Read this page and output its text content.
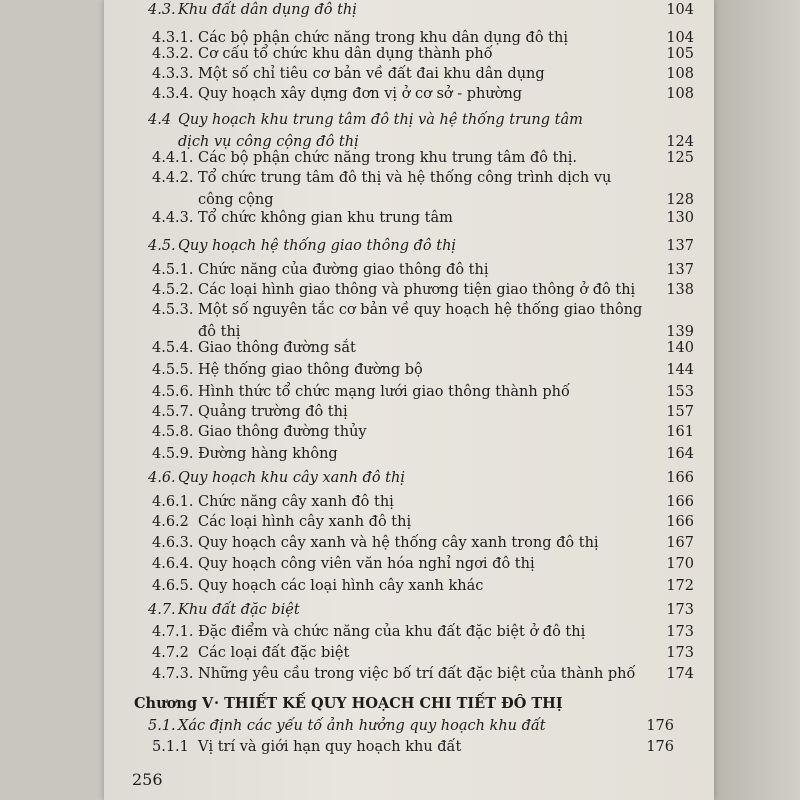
4.3. Khu đất dân dụng đô thị	104
4.3.1. Các bộ phận chức năng trong khu dân dụng đô thị	104
4.3.2. Cơ cấu tổ chức khu dân dụng thành phố	105
4.3.3. Một số chỉ tiêu cơ bản về đất đai khu dân dụng	108
4.3.4. Quy hoạch xây dựng đơn vị ở cơ sở - phường	108
4.4 Quy hoạch khu trung tâm đô thị và hệ thống trung tâm
dịch vụ công cộng đô thị	124
4.4.1. Các bộ phận chức năng trong khu trung tâm đô thị.	125
4.4.2. Tổ chức trung tâm đô thị và hệ thống công trình dịch vụ
công cộng	128
4.4.3. Tổ chức không gian khu trung tâm	130
4.5. Quy hoạch hệ thống giao thông đô thị	137
4.5.1. Chức năng của đường giao thông đô thị	137
4.5.2. Các loại hình giao thông và phương tiện giao thông ở đô thị	138
4.5.3. Một số nguyên tắc cơ bản về quy hoạch hệ thống giao thông
đô thị	139
4.5.4. Giao thông đường sắt	140
4.5.5. Hệ thống giao thông đường bộ	144
4.5.6. Hình thức tổ chức mạng lưới giao thông thành phố	153
4.5.7. Quảng trường đô thị	157
4.5.8. Giao thông đường thủy	161
4.5.9. Đường hàng không	164
4.6. Quy hoạch khu cây xanh đô thị	166
4.6.1. Chức năng cây xanh đô thị	166
4.6.2 Các loại hình cây xanh đô thị	166
4.6.3. Quy hoạch cây xanh và hệ thống cây xanh trong đô thị	167
4.6.4. Quy hoạch công viên văn hóa nghỉ ngơi đô thị	170
4.6.5. Quy hoạch các loại hình cây xanh khác	172
4.7. Khu đất đặc biệt	173
4.7.1. Đặc điểm và chức năng của khu đất đặc biệt ở đô thị	173
4.7.2 Các loại đất đặc biệt	173
4.7.3. Những yêu cầu trong việc bố trí đất đặc biệt của thành phố	174
Chương V · THIẾT KẾ QUY HOẠCH CHI TIẾT ĐÔ THỊ
5.1. Xác định các yếu tố ảnh hưởng quy hoạch khu đất	176
5.1.1 Vị trí và giới hạn quy hoạch khu đất	176
256
